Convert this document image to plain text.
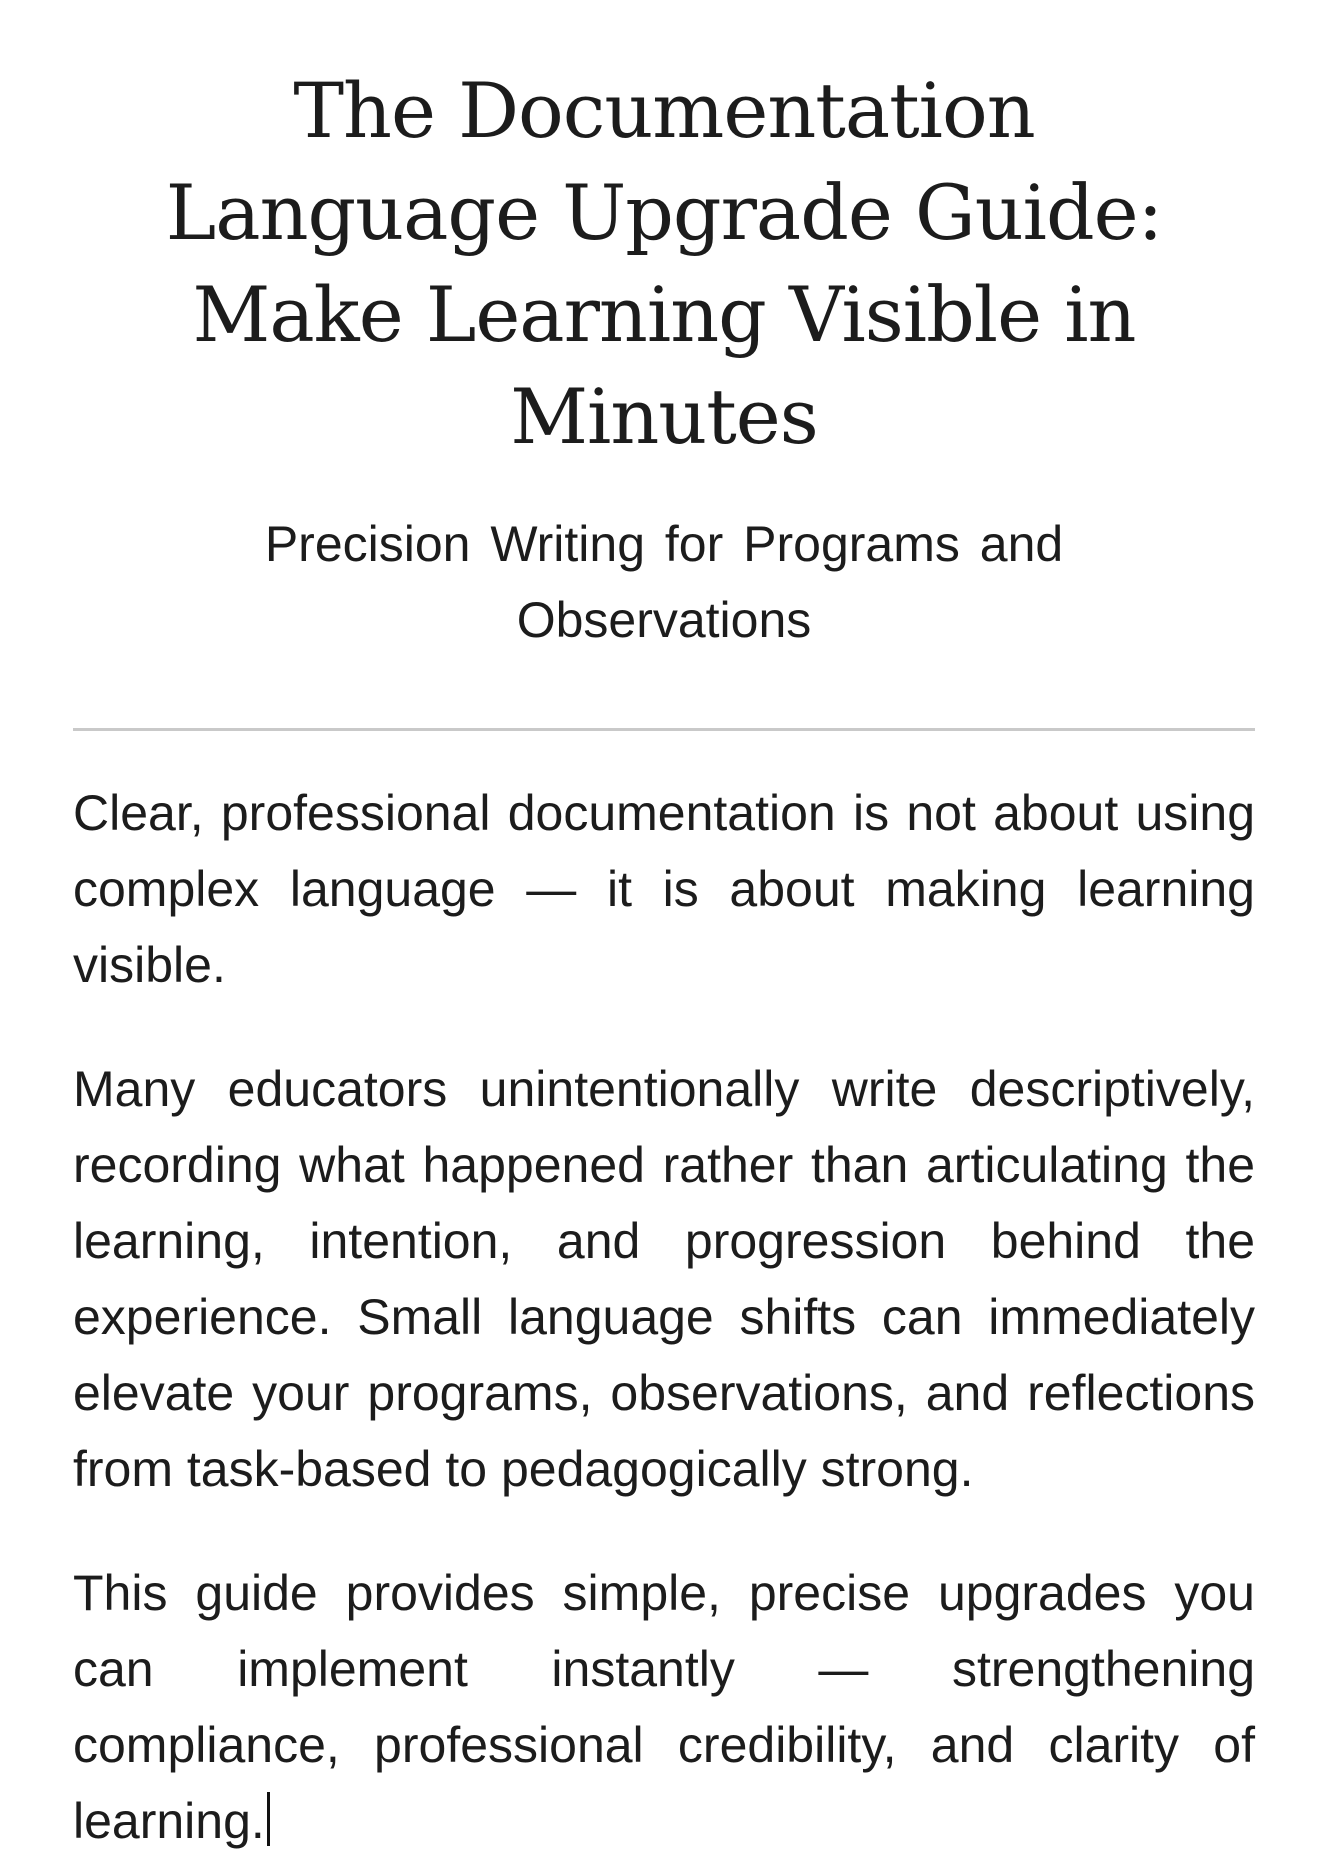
The Documentation Language Upgrade Guide: Make Learning Visible in Minutes

Precision Writing for Programs and Observations

Clear, professional documentation is not about using complex language — it is about making learning visible.

Many educators unintentionally write descriptively, recording what happened rather than articulating the learning, intention, and progression behind the experience. Small language shifts can immediately elevate your programs, observations, and reflections from task-based to pedagogically strong.

This guide provides simple, precise upgrades you can implement instantly — strengthening compliance, professional credibility, and clarity of learning.
